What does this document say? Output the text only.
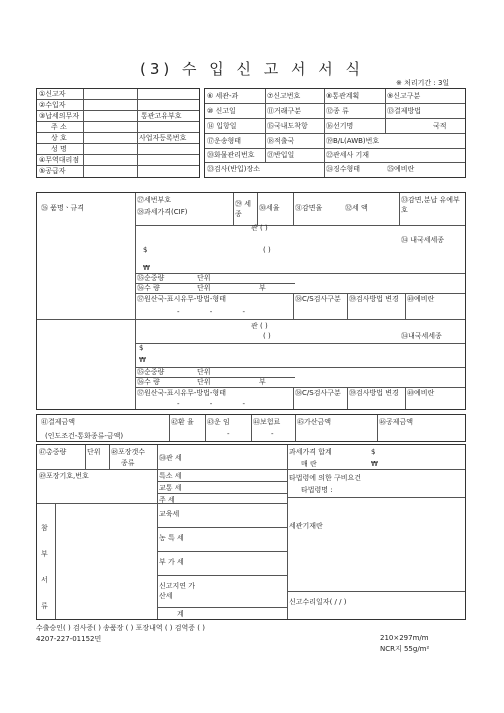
(3) 수 입 신 고 서 서 식
※ 처리기간 : 3일
①신고자
②수입자
③납세의무자	통관고유부호
주 소
상 호	사업자등록번호
성 명
④무역대리점
⑤공급자
⑥ 세관-과	⑦신고번호	⑧통관계획	⑨신고구분
⑩ 신고일	⑪거래구분	⑫종 류	⑬결제방법
⑭ 입항일	⑮국내도착항	⑯선기명	국적
⑰운송형태	⑱적출국	⑲B/L(AWB)번호
⑳화물관리번호 ㉑반입일	㉒관세사 기재
㉓검사(반입)장소	㉔징수형태	㉕예비란
㉖ 품명ㆍ규격
㉗세번부호
㉘과세가격(CIF)
㉙ 세종
㉚세율 ㉛감면율	㉜세 액
㉝감면,분납 유예부호
관 ( )
( )
$
₩
㉞ 내국세세종
㉟순중량	단위
㊱수 량	단위	부
㊲원산국-표시유무-방법-형태
- - -
㊳C/S검사구분 ㊴검사방법 변경	㊵예비란
관 ( )
( )	㉞내국세세종
$
₩
㉟순중량	단위
㊱수 량	단위	부
㊲원산국-표시유무-방법-형태
- - -
㊳C/S검사구분 ㊴검사방법 변경	㊵예비란
㊶결제금액
(인도조건-통화종류-금액)
㊷환 율 ㊸운 임
-
㊹보험료
-
㊺가산금액	㊻공제금액
㊼총중량	단위 ㊽포장갯수
종류
㊾포장기호,번호
㊿관 세
특소 세
교통 세
주 세
교육세
농 특 세
부 가 세
신고지연 가산세
계
참 부 서 류
과세가격 합계
매 란
$
₩
타법령에 의한 구비요건
타법령명 :
세관기재란
신고수리일자( / / )
수출승인( ) 검사증( ) 송품장 ( ) 포장내역 ( ) 검역증 ( )
4207-227-01152민	210×297m/m
NCR지 55g/m²
